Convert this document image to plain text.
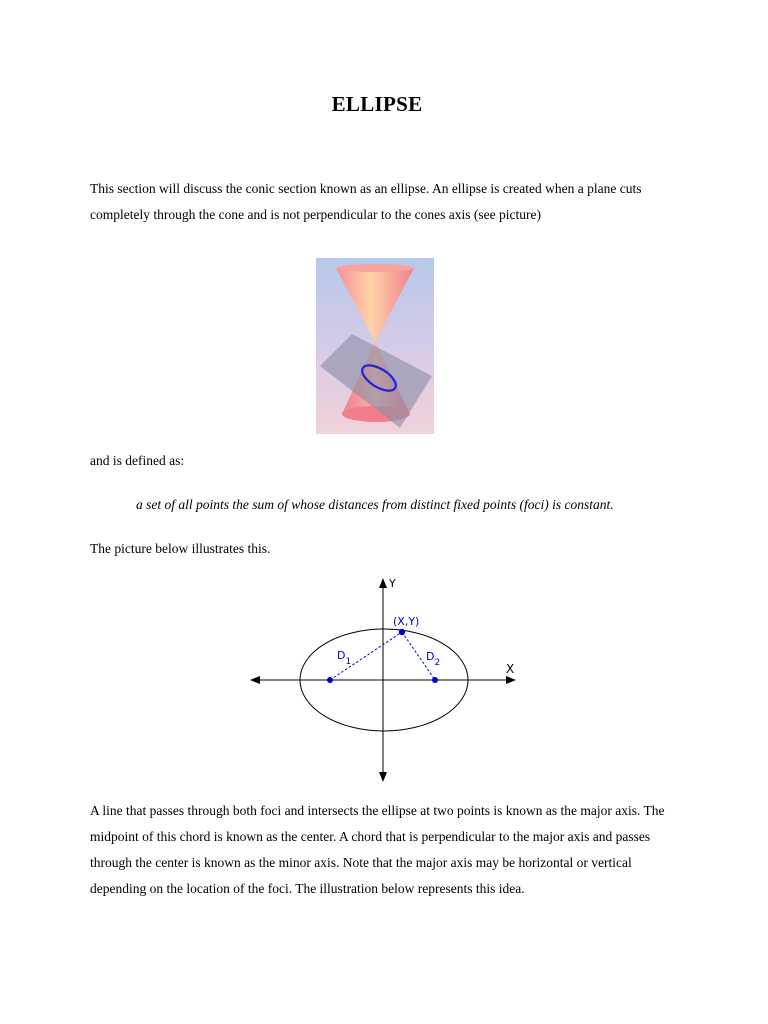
ELLIPSE

This section will discuss the conic section known as an ellipse. An ellipse is created when a plane cuts completely through the cone and is not perpendicular to the cones axis (see picture)

and is defined as:

a set of all points the sum of whose distances from distinct fixed points (foci) is constant.

The picture below illustrates this.

Y
X
(X,Y)
$D_1$	$D_2$

A line that passes through both foci and intersects the ellipse at two points is known as the major axis. The midpoint of this chord is known as the center. A chord that is perpendicular to the major axis and passes through the center is known as the minor axis. Note that the major axis may be horizontal or vertical depending on the location of the foci. The illustration below represents this idea.
